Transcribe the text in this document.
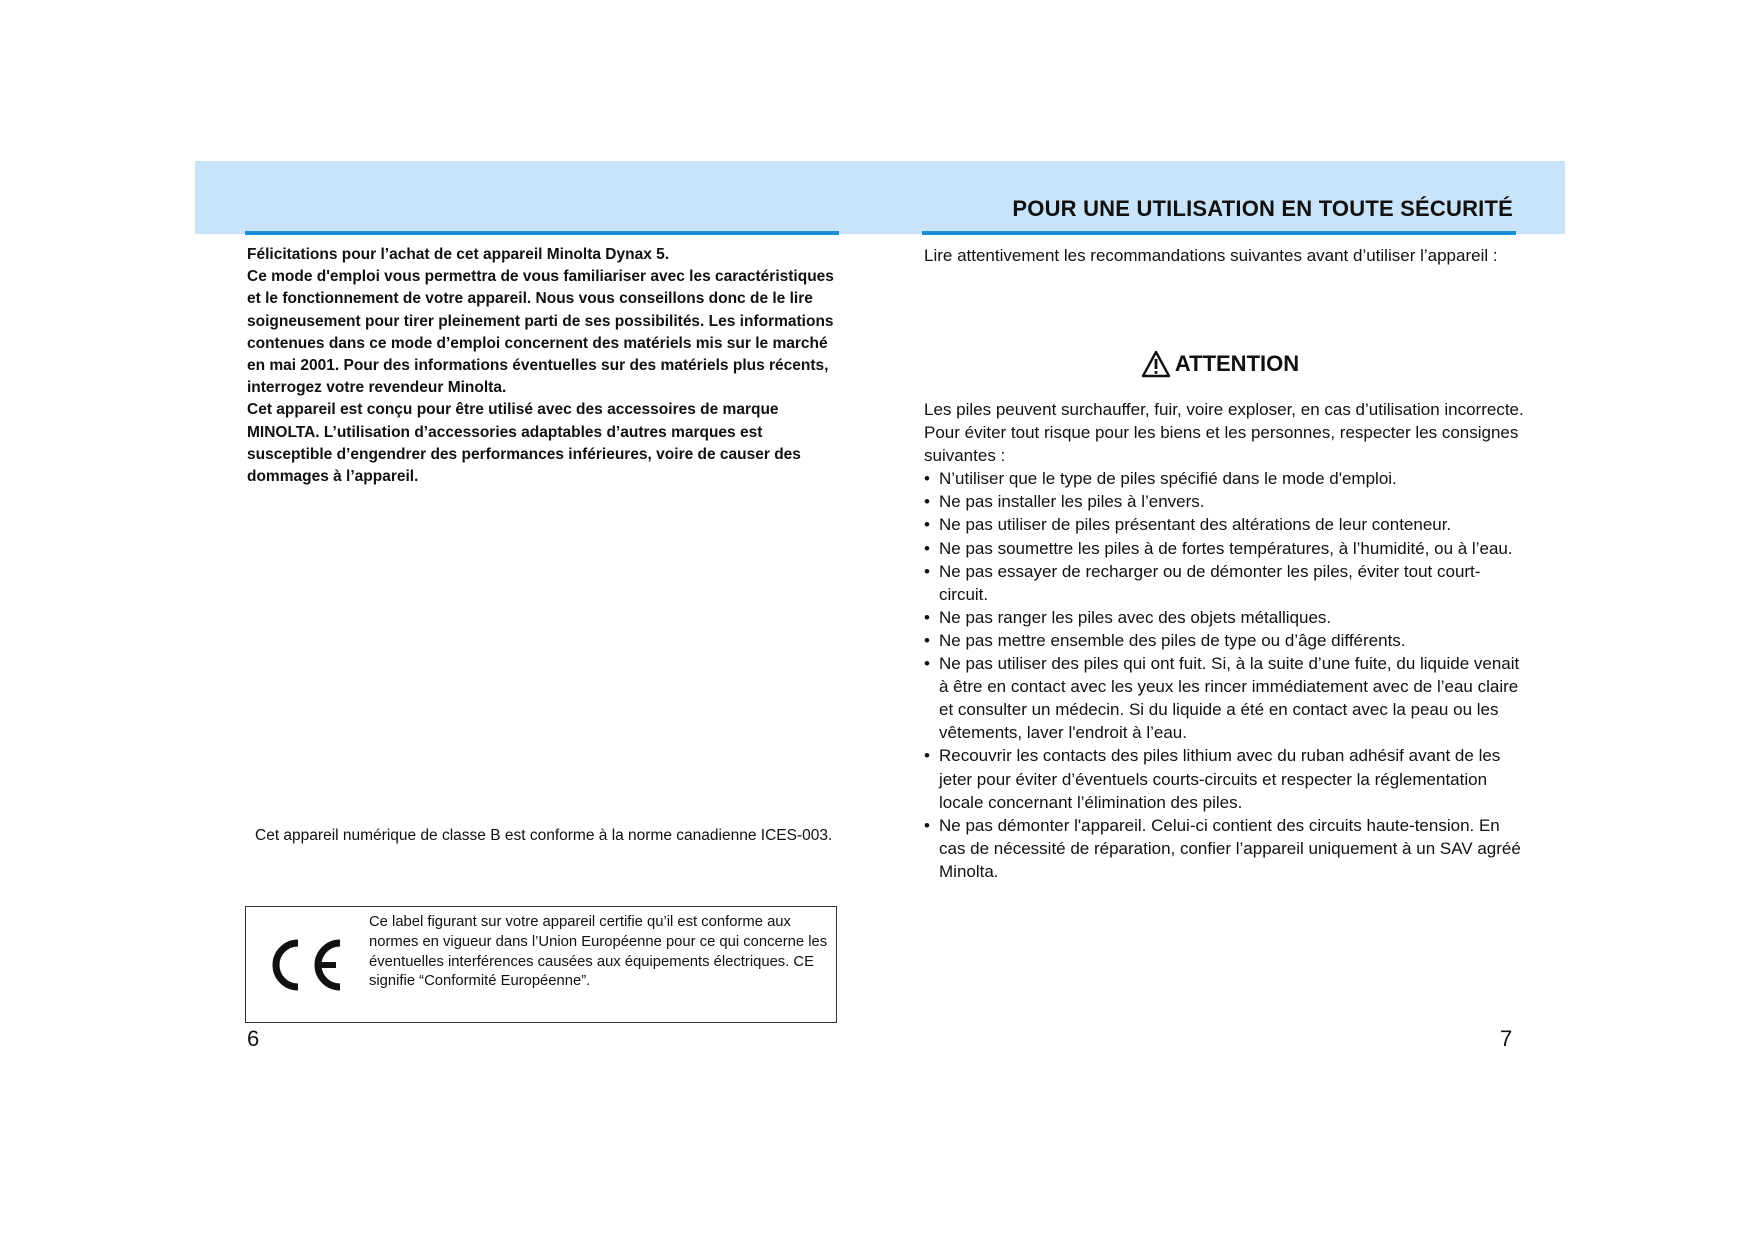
POUR UNE UTILISATION EN TOUTE SÉCURITÉ

Félicitations pour l’achat de cet appareil Minolta Dynax 5.

Ce mode d'emploi vous permettra de vous familiariser avec les caractéristiques et le fonctionnement de votre appareil. Nous vous conseillons donc de le lire soigneusement pour tirer pleinement parti de ses possibilités. Les informations contenues dans ce mode d’emploi concernent des matériels mis sur le marché en mai 2001. Pour des informations éventuelles sur des matériels plus récents, interrogez votre revendeur Minolta.

Cet appareil est conçu pour être utilisé avec des accessoires de marque MINOLTA. L’utilisation d’accessories adaptables d’autres marques est susceptible d’engendrer des performances inférieures, voire de causer des dommages à l’appareil.

Cet appareil numérique de classe B est conforme à la norme canadienne ICES-003.
Ce label figurant sur votre appareil certifie qu’il est conforme aux normes en vigueur dans l’Union Européenne pour ce qui concerne les éventuelles interférences causées aux équipements électriques. CE signifie “Conformité Européenne”.
6

Lire attentivement les recommandations suivantes avant d’utiliser l’appareil :

ATTENTION

Les piles peuvent surchauffer, fuir, voire exploser, en cas d’utilisation incorrecte. Pour éviter tout risque pour les biens et les personnes, respecter les consignes suivantes :

• N’utiliser que le type de piles spécifié dans le mode d'emploi.
• Ne pas installer les piles à l’envers.
• Ne pas utiliser de piles présentant des altérations de leur conteneur.
• Ne pas soumettre les piles à de fortes températures, à l’humidité, ou à l’eau.
• Ne pas essayer de recharger ou de démonter les piles, éviter tout court-circuit.
• Ne pas ranger les piles avec des objets métalliques.
• Ne pas mettre ensemble des piles de type ou d’âge différents.
• Ne pas utiliser des piles qui ont fuit. Si, à la suite d’une fuite, du liquide venait à être en contact avec les yeux les rincer immédiatement avec de l’eau claire et consulter un médecin. Si du liquide a été en contact avec la peau ou les vêtements, laver l'endroit à l’eau.
• Recouvrir les contacts des piles lithium avec du ruban adhésif avant de les jeter pour éviter d’éventuels courts-circuits et respecter la réglementation locale concernant l’élimination des piles.
• Ne pas démonter l'appareil. Celui-ci contient des circuits haute-tension. En cas de nécessité de réparation, confier l’appareil uniquement à un SAV agréé Minolta.
7
